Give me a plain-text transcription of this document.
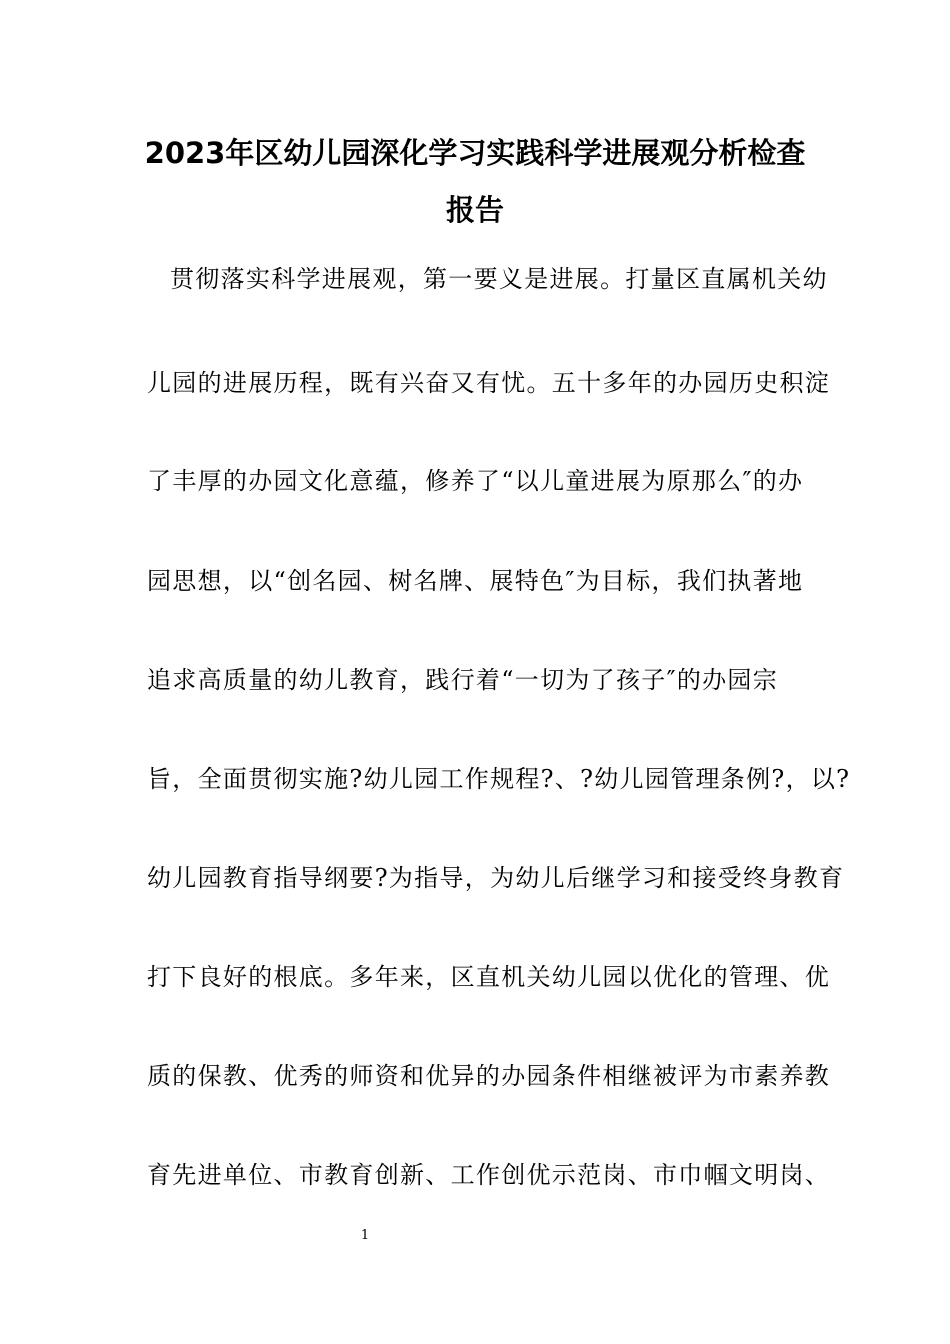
2023年区幼儿园深化学习实践科学进展观分析检查
报告
贯彻落实科学进展观，第一要义是进展。打量区直属机关幼
儿园的进展历程，既有兴奋又有忧。五十多年的办园历史积淀
了丰厚的办园文化意蕴，修养了“以儿童进展为原那么″的办
园思想，以“创名园、树名牌、展特色″为目标，我们执著地
追求高质量的幼儿教育，践行着“一切为了孩子″的办园宗
旨，全面贯彻实施?幼儿园工作规程?、?幼儿园管理条例?，以?
幼儿园教育指导纲要?为指导，为幼儿后继学习和接受终身教育
打下良好的根底。多年来，区直机关幼儿园以优化的管理、优
质的保教、优秀的师资和优异的办园条件相继被评为市素养教
育先进单位、市教育创新、工作创优示范岗、市巾帼文明岗、
1
